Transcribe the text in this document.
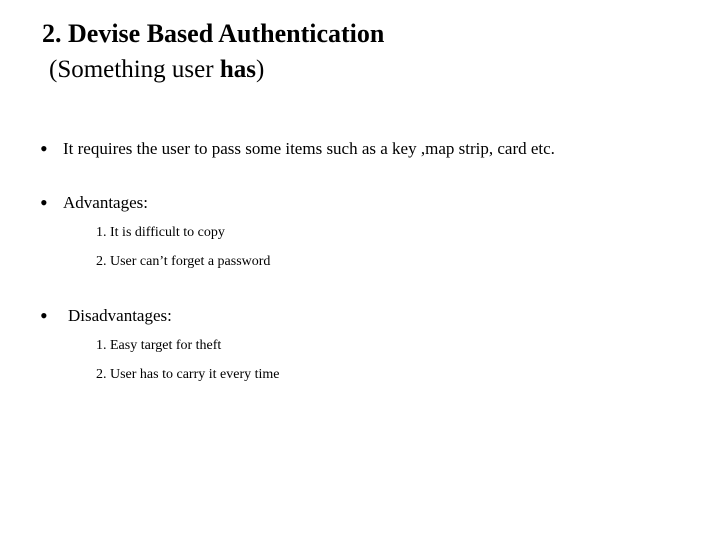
2. Devise Based Authentication
(Something user has)
• It requires the user to pass some items such as a key ,map strip, card etc.
• Advantages:
1. It is difficult to copy
2. User can’t forget a password
• Disadvantages:
1. Easy target for theft
2. User has to carry it every time
